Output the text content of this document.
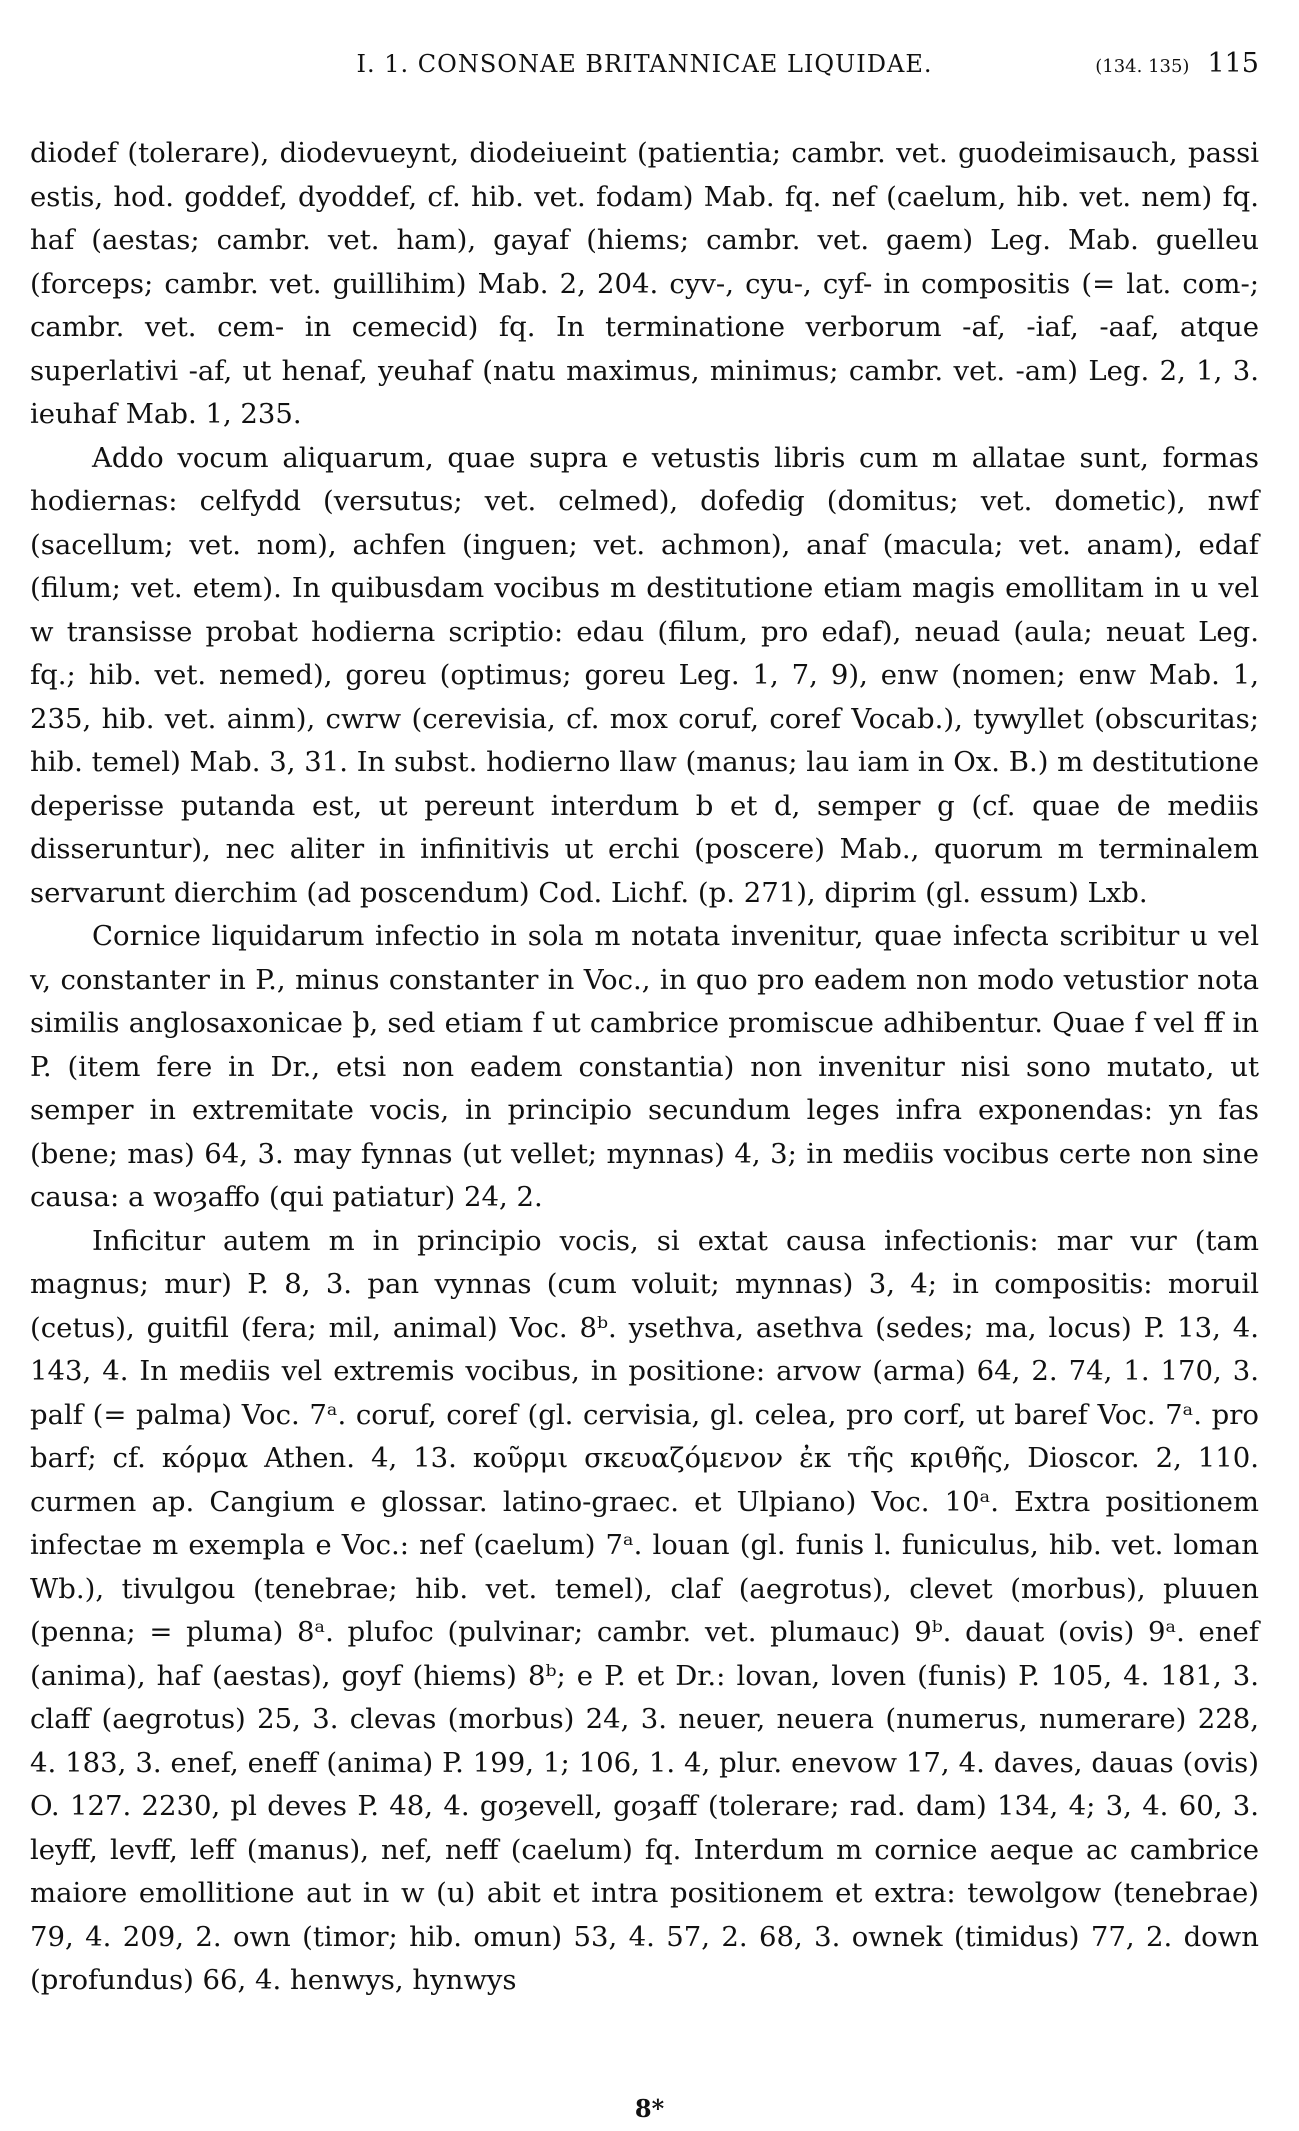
I. 1. CONSONAE BRITANNICAE LIQUIDAE.	(134. 135) 115

diodef (tolerare), diodevueynt, diodeiueint (patientia; cambr. vet. guodeimisauch, passi estis, hod. goddef, dyoddef, cf. hib. vet. fodam) Mab. fq. nef (caelum, hib. vet. nem) fq. haf (aestas; cambr. vet. ham), gayaf (hiems; cambr. vet. gaem) Leg. Mab. guelleu (forceps; cambr. vet. guillihim) Mab. 2, 204. cyv-, cyu-, cyf- in compositis (= lat. com-; cambr. vet. cem- in cemecid) fq. In terminatione verborum -af, -iaf, -aaf, atque superlativi -af, ut henaf, yeuhaf (natu maximus, minimus; cambr. vet. -am) Leg. 2, 1, 3. ieuhaf Mab. 1, 235.

Addo vocum aliquarum, quae supra e vetustis libris cum m allatae sunt, formas hodiernas: celfydd (versutus; vet. celmed), dofedig (domitus; vet. dometic), nwf (sacellum; vet. nom), achfen (inguen; vet. achmon), anaf (macula; vet. anam), edaf (filum; vet. etem). In quibusdam vocibus m destitutione etiam magis emollitam in u vel w transisse probat hodierna scriptio: edau (filum, pro edaf), neuad (aula; neuat Leg. fq.; hib. vet. nemed), goreu (optimus; goreu Leg. 1, 7, 9), enw (nomen; enw Mab. 1, 235, hib. vet. ainm), cwrw (cerevisia, cf. mox coruf, coref Vocab.), tywyllet (obscuritas; hib. temel) Mab. 3, 31. In subst. hodierno llaw (manus; lau iam in Ox. B.) m destitutione deperisse putanda est, ut pereunt interdum b et d, semper g (cf. quae de mediis disseruntur), nec aliter in infinitivis ut erchi (poscere) Mab., quorum m terminalem servarunt dierchim (ad poscendum) Cod. Lichf. (p. 271), diprim (gl. essum) Lxb.

Cornice liquidarum infectio in sola m notata invenitur, quae infecta scribitur u vel v, constanter in P., minus constanter in Voc., in quo pro eadem non modo vetustior nota similis anglosaxonicae þ, sed etiam f ut cambrice promiscue adhibentur. Quae f vel ff in P. (item fere in Dr., etsi non eadem constantia) non invenitur nisi sono mutato, ut semper in extremitate vocis, in principio secundum leges infra exponendas: yn fas (bene; mas) 64, 3. may fynnas (ut vellet; mynnas) 4, 3; in mediis vocibus certe non sine causa: a woȝaffo (qui patiatur) 24, 2.

Inficitur autem m in principio vocis, si extat causa infectionis: mar vur (tam magnus; mur) P. 8, 3. pan vynnas (cum voluit; mynnas) 3, 4; in compositis: moruil (cetus), guitfil (fera; mil, animal) Voc. 8ᵇ. ysethva, asethva (sedes; ma, locus) P. 13, 4. 143, 4. In mediis vel extremis vocibus, in positione: arvow (arma) 64, 2. 74, 1. 170, 3. palf (= palma) Voc. 7ᵃ. coruf, coref (gl. cervisia, gl. celea, pro corf, ut baref Voc. 7ᵃ. pro barf; cf. κόρμα Athen. 4, 13. κοῦρμι σκευαζόμενον ἐκ τῆς κριθῆς, Dioscor. 2, 110. curmen ap. Cangium e glossar. latino-graec. et Ulpiano) Voc. 10ᵃ. Extra positionem infectae m exempla e Voc.: nef (caelum) 7ᵃ. louan (gl. funis l. funiculus, hib. vet. loman Wb.), tivulgou (tenebrae; hib. vet. temel), claf (aegrotus), clevet (morbus), pluuen (penna; = pluma) 8ᵃ. plufoc (pulvinar; cambr. vet. plumauc) 9ᵇ. dauat (ovis) 9ᵃ. enef (anima), haf (aestas), goyf (hiems) 8ᵇ; e P. et Dr.: lovan, loven (funis) P. 105, 4. 181, 3. claff (aegrotus) 25, 3. clevas (morbus) 24, 3. neuer, neuera (numerus, numerare) 228, 4. 183, 3. enef, eneff (anima) P. 199, 1; 106, 1. 4, plur. enevow 17, 4. daves, dauas (ovis) O. 127. 2230, pl deves P. 48, 4. goȝevell, goȝaff (tolerare; rad. dam) 134, 4; 3, 4. 60, 3. leyff, levff, leff (manus), nef, neff (caelum) fq. Interdum m cornice aeque ac cambrice maiore emollitione aut in w (u) abit et intra positionem et extra: tewolgow (tenebrae) 79, 4. 209, 2. own (timor; hib. omun) 53, 4. 57, 2. 68, 3. ownek (timidus) 77, 2. down (profundus) 66, 4. henwys, hynwys

8*
